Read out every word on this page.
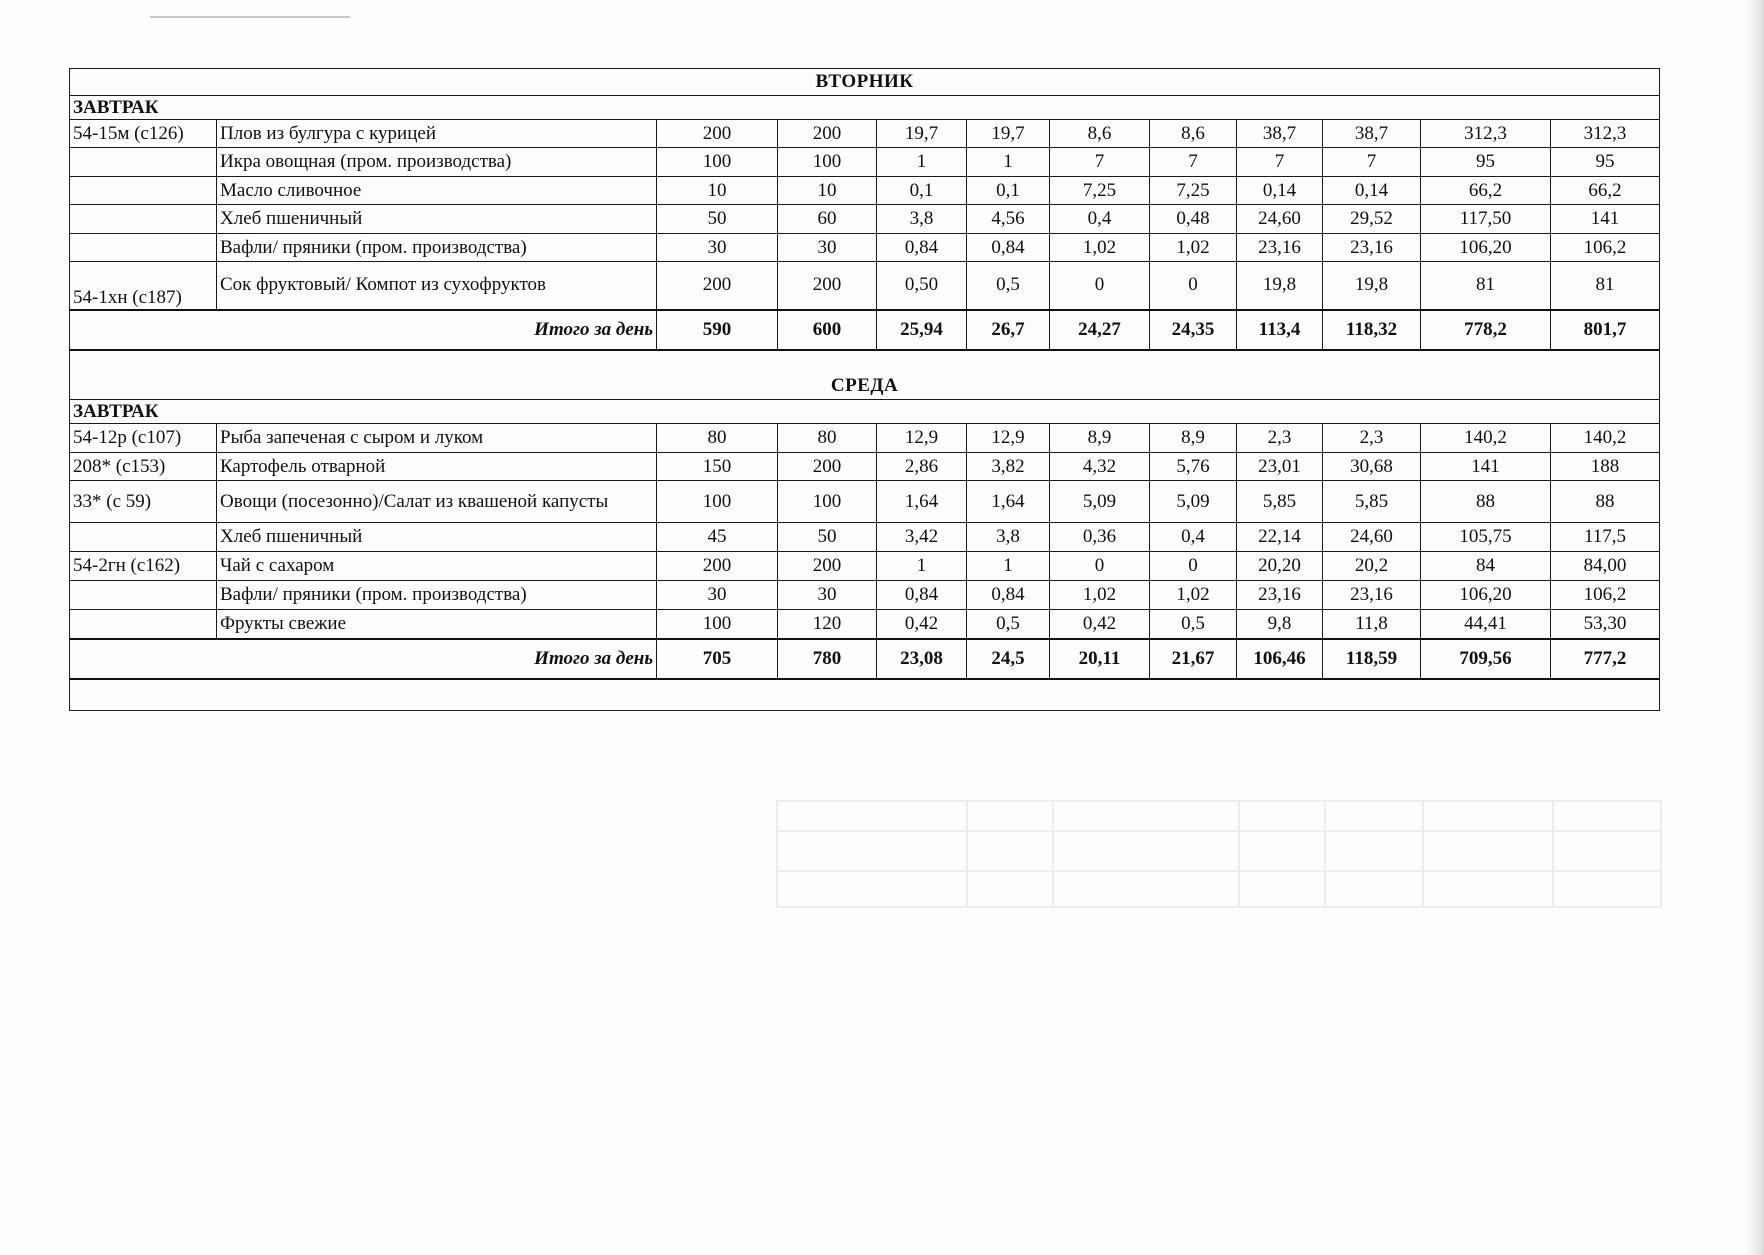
ВТОРНИК											
ЗАВТРАК											
54-15м (с126)	Плов из булгура с курицей	200	200	19,7	19,7	8,6	8,6	38,7	38,7	312,3	312,3
	Икра овощная (пром. производства)	100	100	1	1	7	7	7	7	95	95
	Масло сливочное	10	10	0,1	0,1	7,25	7,25	0,14	0,14	66,2	66,2
	Хлеб пшеничный	50	60	3,8	4,56	0,4	0,48	24,60	29,52	117,50	141
	Вафли/ пряники (пром. производства)	30	30	0,84	0,84	1,02	1,02	23,16	23,16	106,20	106,2
54-1хн (с187)	Сок фруктовый/ Компот из сухофруктов	200	200	0,50	0,5	0	0	19,8	19,8	81	81
Итого за день		590	600	25,94	26,7	24,27	24,35	113,4	118,32	778,2	801,7
СРЕДА											
ЗАВТРАК											
54-12р (с107)	Рыба запеченая с сыром и луком	80	80	12,9	12,9	8,9	8,9	2,3	2,3	140,2	140,2
208* (с153)	Картофель отварной	150	200	2,86	3,82	4,32	5,76	23,01	30,68	141	188
33* (с 59)	Овощи (посезонно)/Салат из квашеной капусты	100	100	1,64	1,64	5,09	5,09	5,85	5,85	88	88
	Хлеб пшеничный	45	50	3,42	3,8	0,36	0,4	22,14	24,60	105,75	117,5
54-2гн (с162)	Чай с сахаром	200	200	1	1	0	0	20,20	20,2	84	84,00
	Вафли/ пряники (пром. производства)	30	30	0,84	0,84	1,02	1,02	23,16	23,16	106,20	106,2
	Фрукты свежие	100	120	0,42	0,5	0,42	0,5	9,8	11,8	44,41	53,30
Итого за день		705	780	23,08	24,5	20,11	21,67	106,46	118,59	709,56	777,2
